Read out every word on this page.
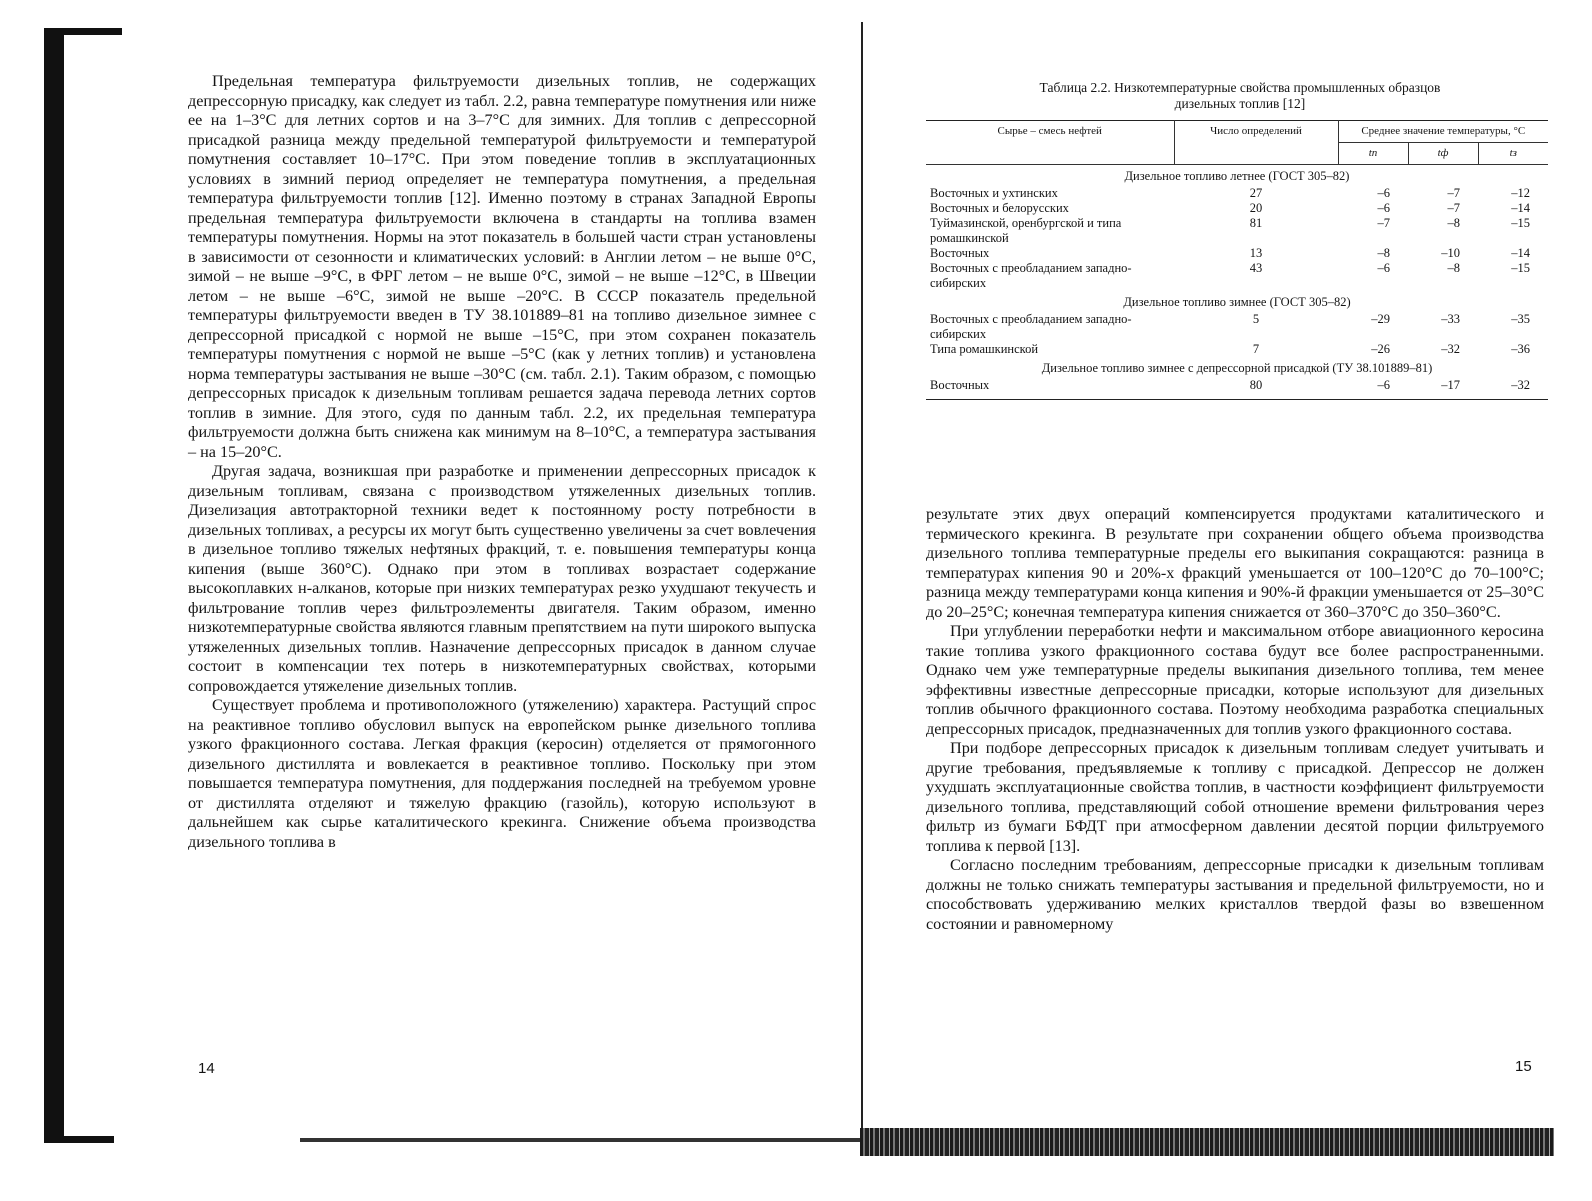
Предельная температура фильтруемости дизельных топлив, не содержащих депрессорную присадку, как следует из табл. 2.2, равна температуре помутнения или ниже ее на 1–3°С для летних сортов и на 3–7°С для зимних. Для топлив с депрессорной присадкой разница между предельной температурой фильтруемости и температурой помутнения составляет 10–17°С. При этом поведение топлив в эксплуатационных условиях в зимний период определяет не температура помутнения, а предельная температура фильтруемости топлив [12]. Именно поэтому в странах Западной Европы предельная температура фильтруемости включена в стандарты на топлива взамен температуры помутнения. Нормы на этот показатель в большей части стран установлены в зависимости от сезонности и климатических условий: в Англии летом – не выше 0°С, зимой – не выше –9°С, в ФРГ летом – не выше 0°С, зимой – не выше –12°С, в Швеции летом – не выше –6°С, зимой не выше –20°С. В СССР показатель предельной температуры фильтруемости введен в ТУ 38.101889–81 на топливо дизельное зимнее с депрессорной присадкой с нормой не выше –15°С, при этом сохранен показатель температуры помутнения с нормой не выше –5°С (как у летних топлив) и установлена норма температуры застывания не выше –30°С (см. табл. 2.1). Таким образом, с помощью депрессорных присадок к дизельным топливам решается задача перевода летних сортов топлив в зимние. Для этого, судя по данным табл. 2.2, их предельная температура фильтруемости должна быть снижена как минимум на 8–10°С, а температура застывания – на 15–20°С.

Другая задача, возникшая при разработке и применении депрессорных присадок к дизельным топливам, связана с производством утяжеленных дизельных топлив. Дизелизация автотракторной техники ведет к постоянному росту потребности в дизельных топливах, а ресурсы их могут быть существенно увеличены за счет вовлечения в дизельное топливо тяжелых нефтяных фракций, т. е. повышения температуры конца кипения (выше 360°С). Однако при этом в топливах возрастает содержание высокоплавких н-алканов, которые при низких температурах резко ухудшают текучесть и фильтрование топлив через фильтроэлементы двигателя. Таким образом, именно низкотемпературные свойства являются главным препятствием на пути широкого выпуска утяжеленных дизельных топлив. Назначение депрессорных присадок в данном случае состоит в компенсации тех потерь в низкотемпературных свойствах, которыми сопровождается утяжеление дизельных топлив.

Существует проблема и противоположного (утяжелению) характера. Растущий спрос на реактивное топливо обусловил выпуск на европейском рынке дизельного топлива узкого фракционного состава. Легкая фракция (керосин) отделяется от прямогонного дизельного дистиллята и вовлекается в реактивное топливо. Поскольку при этом повышается температура помутнения, для поддержания последней на требуемом уровне от дистиллята отделяют и тяжелую фракцию (газойль), которую используют в дальнейшем как сырье каталитического крекинга. Снижение объема производства дизельного топлива в

14
Таблица 2.2. Низкотемпературные свойства промышленных образцов
дизельных топлив [12]
Сырье – смесь нефтей	Число определений	Среднее значение температуры, °С		
		tп	tф	tз
Дизельное топливо летнее (ГОСТ 305–82)				
Восточных и ухтинских	27	–6	–7	–12
Восточных и белорусских	20	–6	–7	–14
Туймазинской, оренбургской и типа ромашкинской	81	–7	–8	–15
Восточных	13	–8	–10	–14
Восточных с преобладанием западно-сибирских	43	–6	–8	–15
Дизельное топливо зимнее (ГОСТ 305–82)				
Восточных с преобладанием западно-сибирских	5	–29	–33	–35
Типа ромашкинской	7	–26	–32	–36
Дизельное топливо зимнее с депрессорной присадкой (ТУ 38.101889–81)				
Восточных	80	–6	–17	–32

результате этих двух операций компенсируется продуктами каталитического и термического крекинга. В результате при сохранении общего объема производства дизельного топлива температурные пределы его выкипания сокращаются: разница в температурах кипения 90 и 20%-х фракций уменьшается от 100–120°С до 70–100°С; разница между температурами конца кипения и 90%-й фракции уменьшается от 25–30°С до 20–25°С; конечная температура кипения снижается от 360–370°С до 350–360°С.

При углублении переработки нефти и максимальном отборе авиационного керосина такие топлива узкого фракционного состава будут все более распространенными. Однако чем уже температурные пределы выкипания дизельного топлива, тем менее эффективны известные депрессорные присадки, которые используют для дизельных топлив обычного фракционного состава. Поэтому необходима разработка специальных депрессорных присадок, предназначенных для топлив узкого фракционного состава.

При подборе депрессорных присадок к дизельным топливам следует учитывать и другие требования, предъявляемые к топливу с присадкой. Депрессор не должен ухудшать эксплуатационные свойства топлив, в частности коэффициент фильтруемости дизельного топлива, представляющий собой отношение времени фильтрования через фильтр из бумаги БФДТ при атмосферном давлении десятой порции фильтруемого топлива к первой [13].

Согласно последним требованиям, депрессорные присадки к дизельным топливам должны не только снижать температуры застывания и предельной фильтруемости, но и способствовать удерживанию мелких кристаллов твердой фазы во взвешенном состоянии и равномерному

15
